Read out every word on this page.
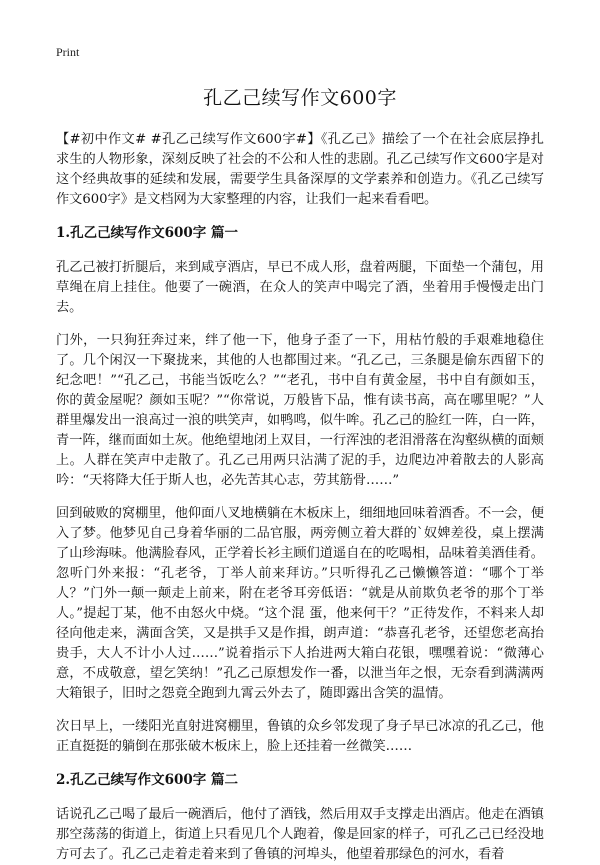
Print
孔乙己续写作文600字

【#初中作文# #孔乙己续写作文600字#】《孔乙己》描绘了一个在社会底层挣扎求生的人物形象，深刻反映了社会的不公和人性的悲剧。孔乙己续写作文600字是对这个经典故事的延续和发展，需要学生具备深厚的文学素养和创造力。《孔乙己续写作文600字》是文档网为大家整理的内容，让我们一起来看看吧。

1.孔乙己续写作文600字 篇一

孔乙己被打折腿后，来到咸亨酒店，早已不成人形，盘着两腿，下面垫一个蒲包，用草绳在肩上挂住。他要了一碗酒，在众人的笑声中喝完了酒，坐着用手慢慢走出门去。

门外，一只狗狂奔过来，绊了他一下，他身子歪了一下，用枯竹般的手艰难地稳住了。几个闲汉一下聚拢来，其他的人也都围过来。“孔乙己，三条腿是偷东西留下的纪念吧！”“孔乙己，书能当饭吃么？”“老孔，书中自有黄金屋，书中自有颜如玉，你的黄金屋呢？颜如玉呢？”“你常说，万般皆下品，惟有读书高，高在哪里呢？”人群里爆发出一浪高过一浪的哄笑声，如鸭鸣，似牛哞。孔乙己的脸红一阵，白一阵，青一阵，继而面如土灰。他绝望地闭上双目，一行浑浊的老泪滑落在沟壑纵横的面颊上。人群在笑声中走散了。孔乙己用两只沾满了泥的手，边爬边冲着散去的人影高吟：“天将降大任于斯人也，必先苦其心志，劳其筋骨……”

回到破败的窝棚里，他仰面八叉地横躺在木板床上，细细地回味着酒香。不一会，便入了梦。他梦见自己身着华丽的二品官服，两旁侧立着大群的`奴婢差役，桌上摆满了山珍海味。他满脸春风，正学着长衫主顾们道遥自在的吃喝相，品味着美酒佳肴。忽听门外来报：“孔老爷，丁举人前来拜访。”只听得孔乙己懒懒答道：“哪个丁举人？”门外一颠一颠走上前来，附在老爷耳旁低语：“就是从前欺负老爷的那个丁举人。”提起丁某，他不由怒火中烧。“这个混 蛋，他来何干？”正待发作，不料来人却径向他走来，满面含笑，又是拱手又是作揖，朗声道：“恭喜孔老爷，还望您老高抬贵手，大人不计小人过……”说着指示下人抬进两大箱白花银，嘿嘿着说：“微薄心意，不成敬意，望乞笑纳！”孔乙己原想发作一番，以泄当年之恨，无奈看到满满两大箱银子，旧时之怨竟全跑到九霄云外去了，随即露出含笑的温情。

次日早上，一缕阳光直射进窝棚里，鲁镇的众乡邻发现了身子早已冰凉的孔乙己，他正直挺挺的躺倒在那张破木板床上，脸上还挂着一丝微笑……

2.孔乙己续写作文600字 篇二

话说孔乙己喝了最后一碗酒后，他付了酒钱，然后用双手支撑走出酒店。他走在酒镇那空荡荡的街道上，街道上只看见几个人跑着，像是回家的样子，可孔乙己已经没地方可去了。孔乙己走着走着来到了鲁镇的河埠头，他望着那绿色的河水，看着
